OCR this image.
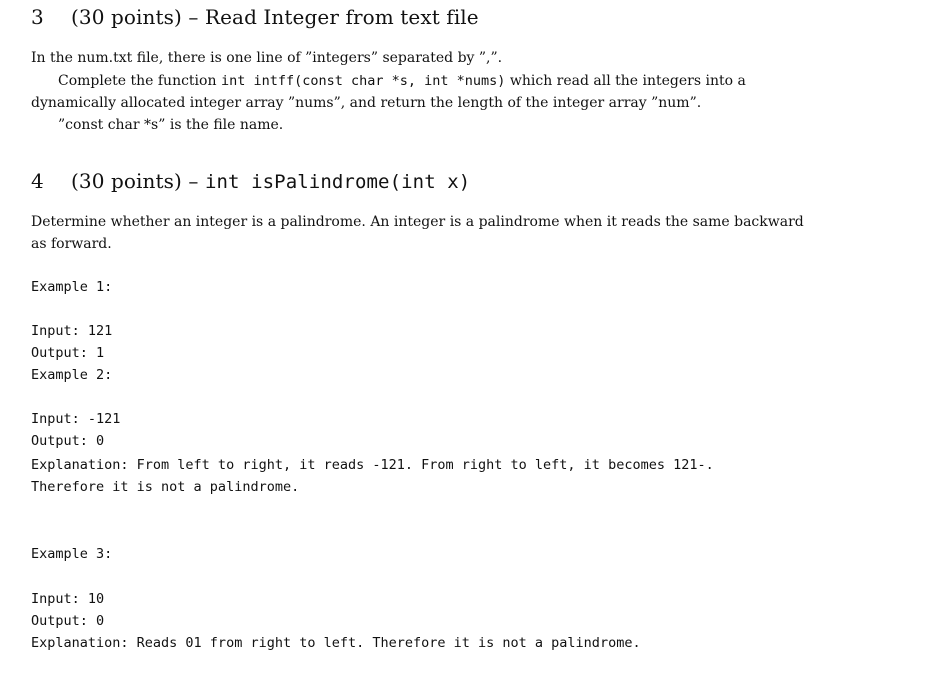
3 (30 points) – Read Integer from text file
In the num.txt file, there is one line of ”integers” separated by ”,”.
Complete the function int intff(const char *s, int *nums) which read all the integers into a
dynamically allocated integer array ”nums”, and return the length of the integer array ”num”.
”const char *s” is the file name.
4 (30 points) – int isPalindrome(int x)
Determine whether an integer is a palindrome. An integer is a palindrome when it reads the same backward
as forward.
Example 1:
Input: 121
Output: 1
Example 2:
Input: -121
Output: 0
Explanation: From left to right, it reads -121. From right to left, it becomes 121-.
Therefore it is not a palindrome.
Example 3:
Input: 10
Output: 0
Explanation: Reads 01 from right to left. Therefore it is not a palindrome.
